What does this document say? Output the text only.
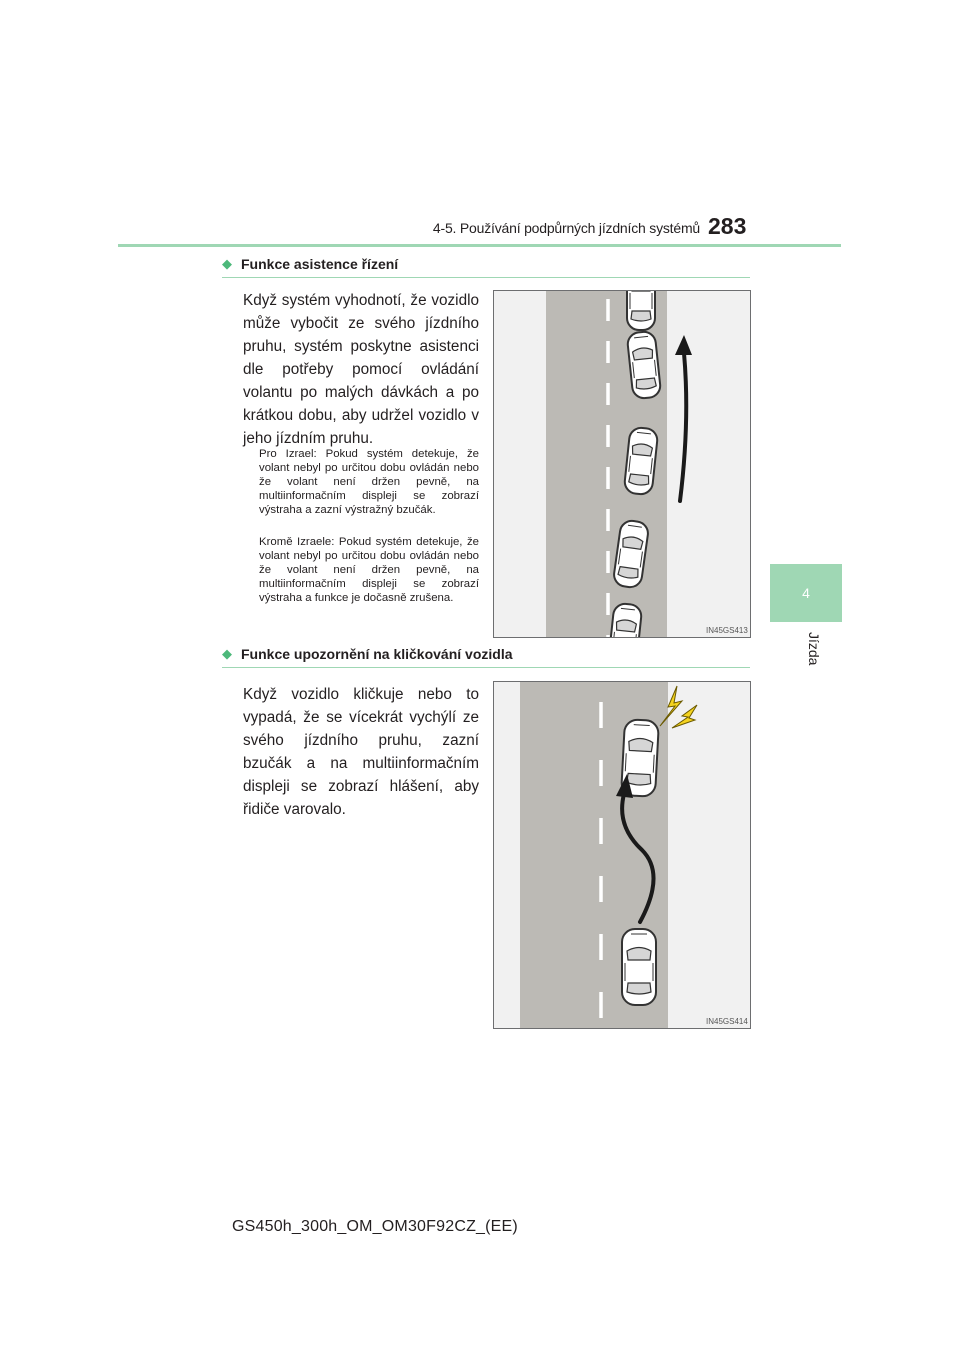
4-5. Používání podpůrných jízdních systémů 283
4
Jízda
◆ Funkce asistence řízení
Když systém vyhodnotí, že vozidlo může vybočit ze svého jízdního pruhu, systém poskytne asistenci dle potřeby pomocí ovládání volantu po malých dávkách a po krátkou dobu, aby udržel vozidlo v jeho jízdním pruhu.

Pro Izrael: Pokud systém detekuje, že volant nebyl po určitou dobu ovládán nebo že volant není držen pevně, na multiinformačním displeji se zobrazí výstraha a zazní výstražný bzučák.

Kromě Izraele: Pokud systém detekuje, že volant nebyl po určitou dobu ovládán nebo že volant není držen pevně, na multiinformačním displeji se zobrazí výstraha a funkce je dočasně zrušena.

IN45GS413
◆ Funkce upozornění na kličkování vozidla
Když vozidlo kličkuje nebo to vypadá, že se vícekrát vychýlí ze svého jízdního pruhu, zazní bzučák a na multiinformačním displeji se zobrazí hlášení, aby řidiče varovalo.
IN45GS414
GS450h_300h_OM_OM30F92CZ_(EE)
